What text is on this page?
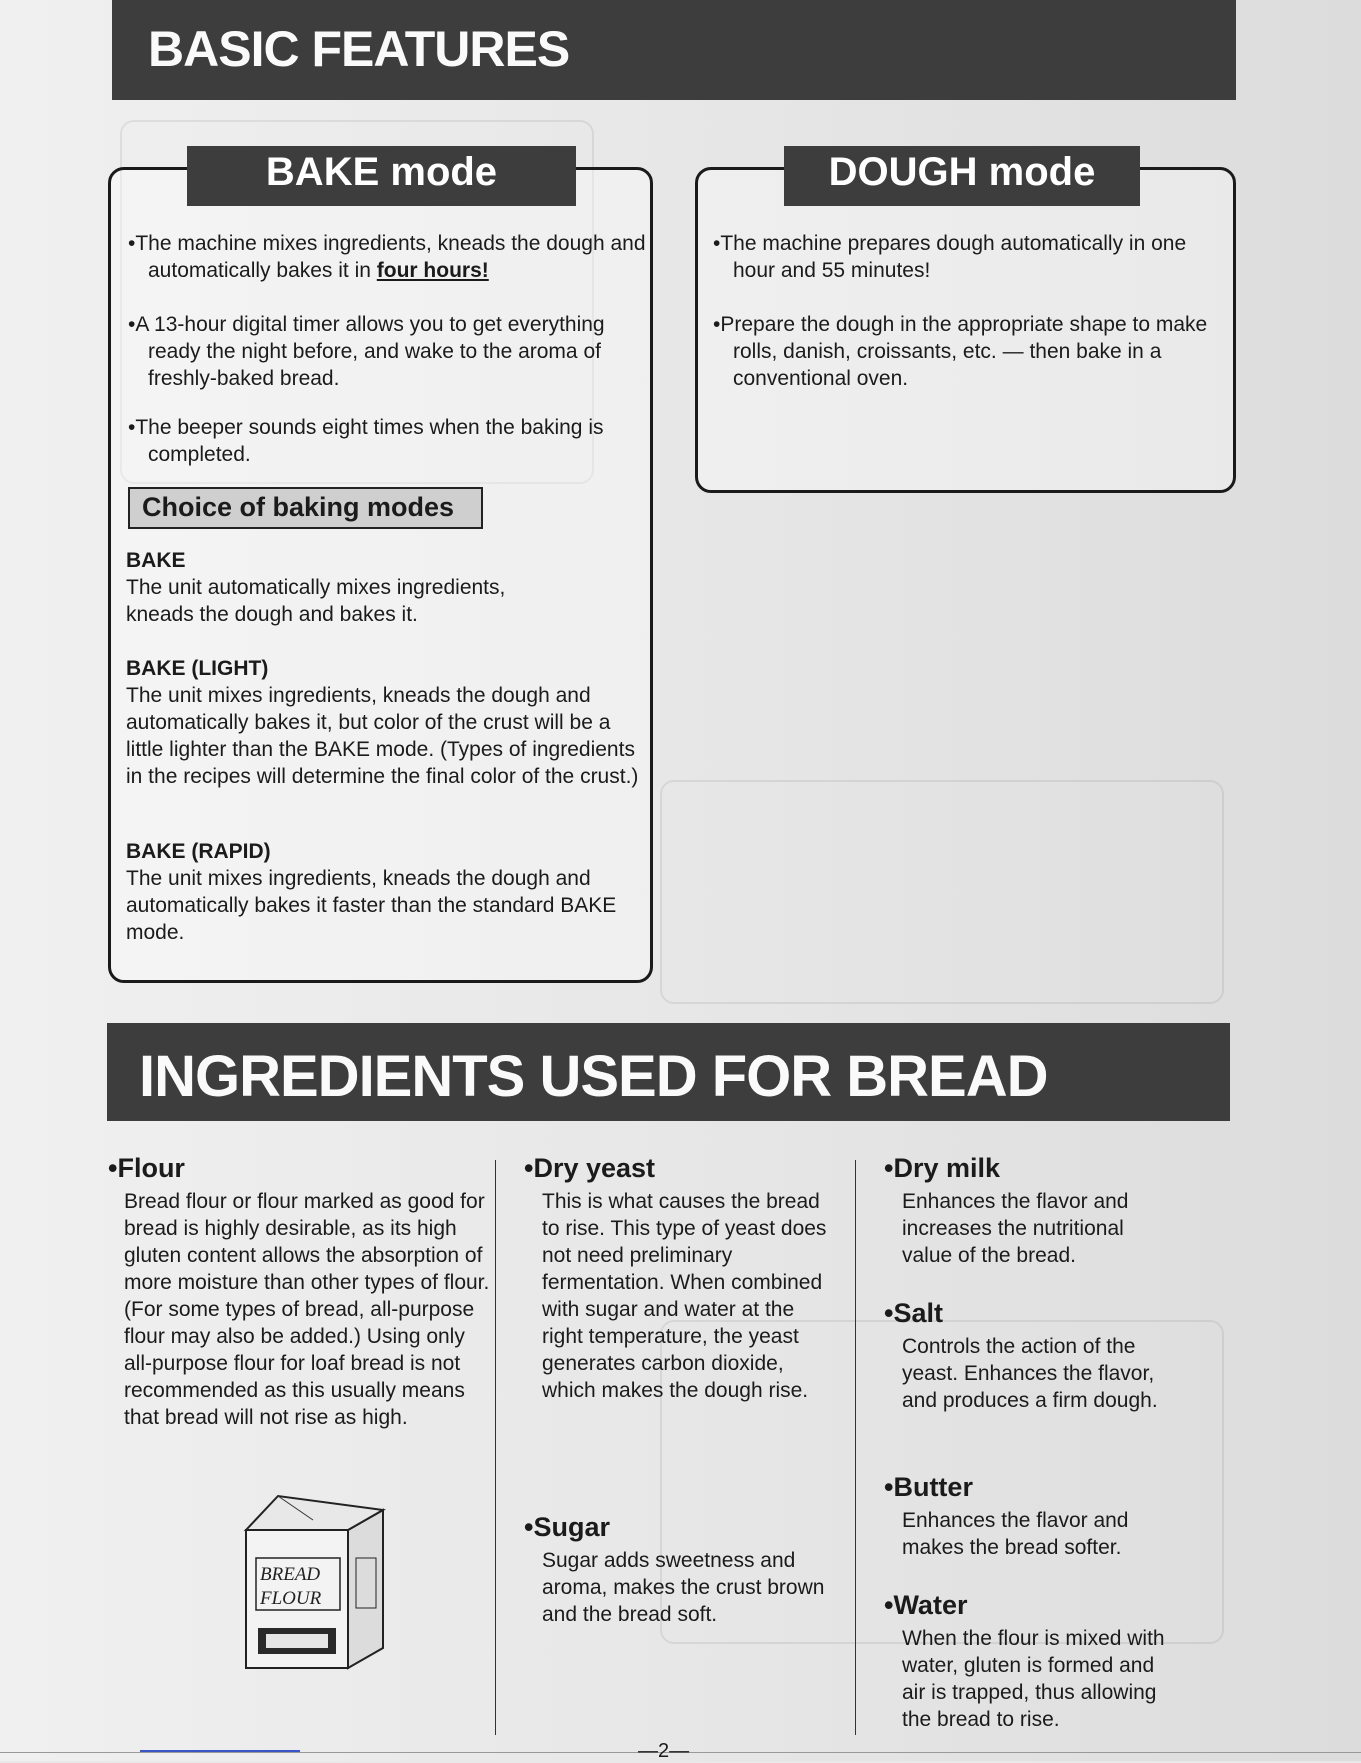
BASIC FEATURES
BAKE mode

•The machine mixes ingredients, kneads the dough and automatically bakes it in four hours!

•A 13-hour digital timer allows you to get everything ready the night before, and wake to the aroma of freshly-baked bread.

•The beeper sounds eight times when the baking is completed.

Choice of baking modes
BAKE

The unit automatically mixes ingredients, kneads the dough and bakes it.

BAKE (LIGHT)

The unit mixes ingredients, kneads the dough and automatically bakes it, but color of the crust will be a little lighter than the BAKE mode. (Types of ingredients in the recipes will determine the final color of the crust.)

BAKE (RAPID)

The unit mixes ingredients, kneads the dough and automatically bakes it faster than the standard BAKE mode.

DOUGH mode

•The machine prepares dough automatically in one hour and 55 minutes!

•Prepare the dough in the appropriate shape to make rolls, danish, croissants, etc. — then bake in a conventional oven.

INGREDIENTS USED FOR BREAD
•Flour

Bread flour or flour marked as good for bread is highly desirable, as its high gluten content allows the absorption of more moisture than other types of flour. (For some types of bread, all-purpose flour may also be added.) Using only all-purpose flour for loaf bread is not recommended as this usually means that bread will not rise as high.

BREAD
FLOUR
•Dry yeast

This is what causes the bread to rise. This type of yeast does not need preliminary fermentation. When combined with sugar and water at the right temperature, the yeast generates carbon dioxide, which makes the dough rise.

•Sugar

Sugar adds sweetness and aroma, makes the crust brown and the bread soft.

•Dry milk

Enhances the flavor and increases the nutritional value of the bread.

•Salt

Controls the action of the yeast. Enhances the flavor, and produces a firm dough.

•Butter

Enhances the flavor and makes the bread softer.

•Water

When the flour is mixed with water, gluten is formed and air is trapped, thus allowing the bread to rise.

—2—
